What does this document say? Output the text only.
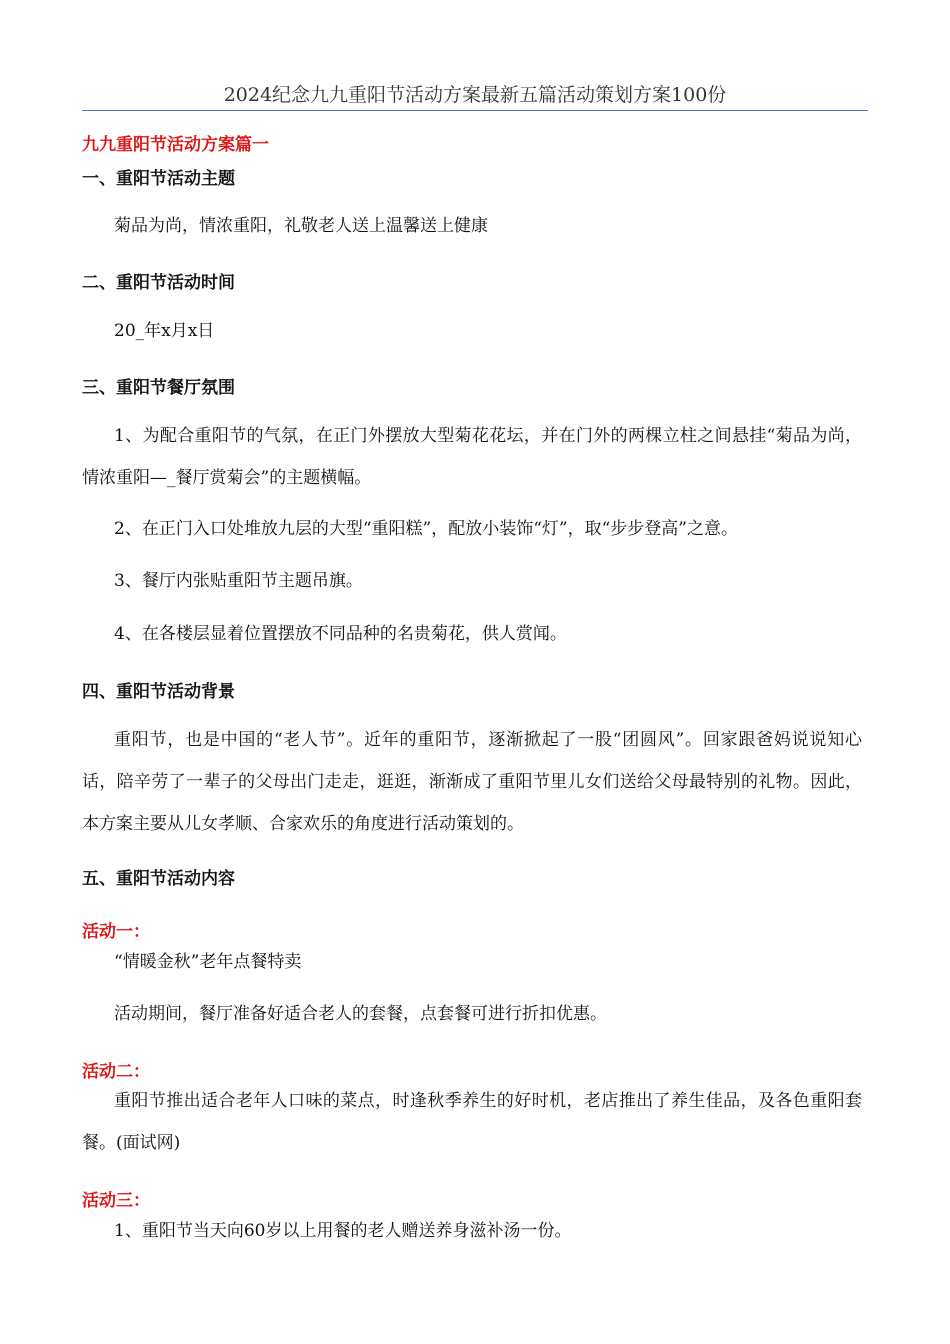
2024纪念九九重阳节活动方案最新五篇活动策划方案100份
九九重阳节活动方案篇一
一、重阳节活动主题
菊品为尚，情浓重阳，礼敬老人送上温馨送上健康
二、重阳节活动时间
20_年x月x日
三、重阳节餐厅氛围
1、为配合重阳节的气氛，在正门外摆放大型菊花花坛，并在门外的两棵立柱之间悬挂“菊品为尚，情浓重阳—_餐厅赏菊会”的主题横幅。
2、在正门入口处堆放九层的大型“重阳糕”，配放小装饰“灯”，取“步步登高”之意。
3、餐厅内张贴重阳节主题吊旗。
4、在各楼层显着位置摆放不同品种的名贵菊花，供人赏闻。
四、重阳节活动背景
重阳节，也是中国的“老人节”。近年的重阳节，逐渐掀起了一股“团圆风”。回家跟爸妈说说知心话，陪辛劳了一辈子的父母出门走走，逛逛，渐渐成了重阳节里儿女们送给父母最特别的礼物。因此，本方案主要从儿女孝顺、合家欢乐的角度进行活动策划的。
五、重阳节活动内容
活动一：
“情暖金秋”老年点餐特卖
活动期间，餐厅准备好适合老人的套餐，点套餐可进行折扣优惠。
活动二：
重阳节推出适合老年人口味的菜点，时逢秋季养生的好时机，老店推出了养生佳品，及各色重阳套餐。(面试网)
活动三：
1、重阳节当天向60岁以上用餐的老人赠送养身滋补汤一份。
